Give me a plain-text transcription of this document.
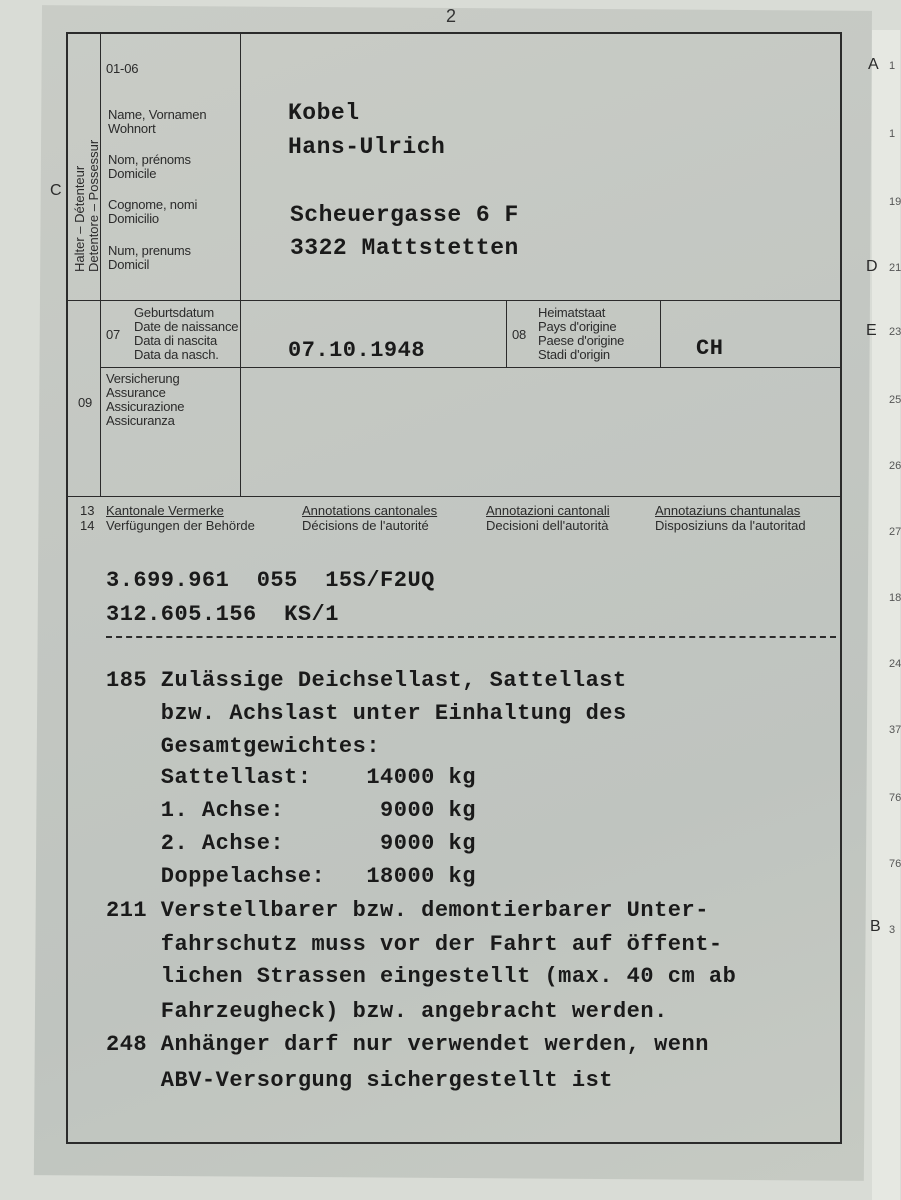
2
C Halter – Détenteur Detentore – Possessur
01-06
Name, Vornamen
Wohnort
Nom, prénoms
Domicile
Cognome, nomi
Domicilio
Num, prenums
Domicil
Kobel
Hans-Ulrich
Scheuergasse 6 F
3322 Mattstetten
07
Geburtsdatum
Date de naissance
Data di nascita
Data da nasch.	07.10.1948
08
Heimatstaat
Pays d'origine
Paese d'origine
Stadi d'origin	CH
09
Versicherung
Assurance
Assicurazione
Assicuranza
13
14
Kantonale Vermerke
Verfügungen der Behörde
Annotations cantonales
Décisions de l'autorité
Annotazioni cantonali
Decisioni dell'autorità
Annotaziuns chantunalas
Disposiziuns da l'autoritad
3.699.961  055  15S/F2UQ
312.605.156  KS/1
185 Zulässige Deichsellast, Sattellast
bzw. Achslast unter Einhaltung des
Gesamtgewichtes:
Sattellast:    14000 kg
1. Achse:       9000 kg
2. Achse:       9000 kg
Doppelachse:   18000 kg
211 Verstellbarer bzw. demontierbarer Unter-
fahrschutz muss vor der Fahrt auf öffent-
lichen Strassen eingestellt (max. 40 cm ab
Fahrzeugheck) bzw. angebracht werden.
248 Anhänger darf nur verwendet werden, wenn
ABV-Versorgung sichergestellt ist
A
D
E
B
1
1
19
21
23
25
26
27
18
24
37
76
76
3
